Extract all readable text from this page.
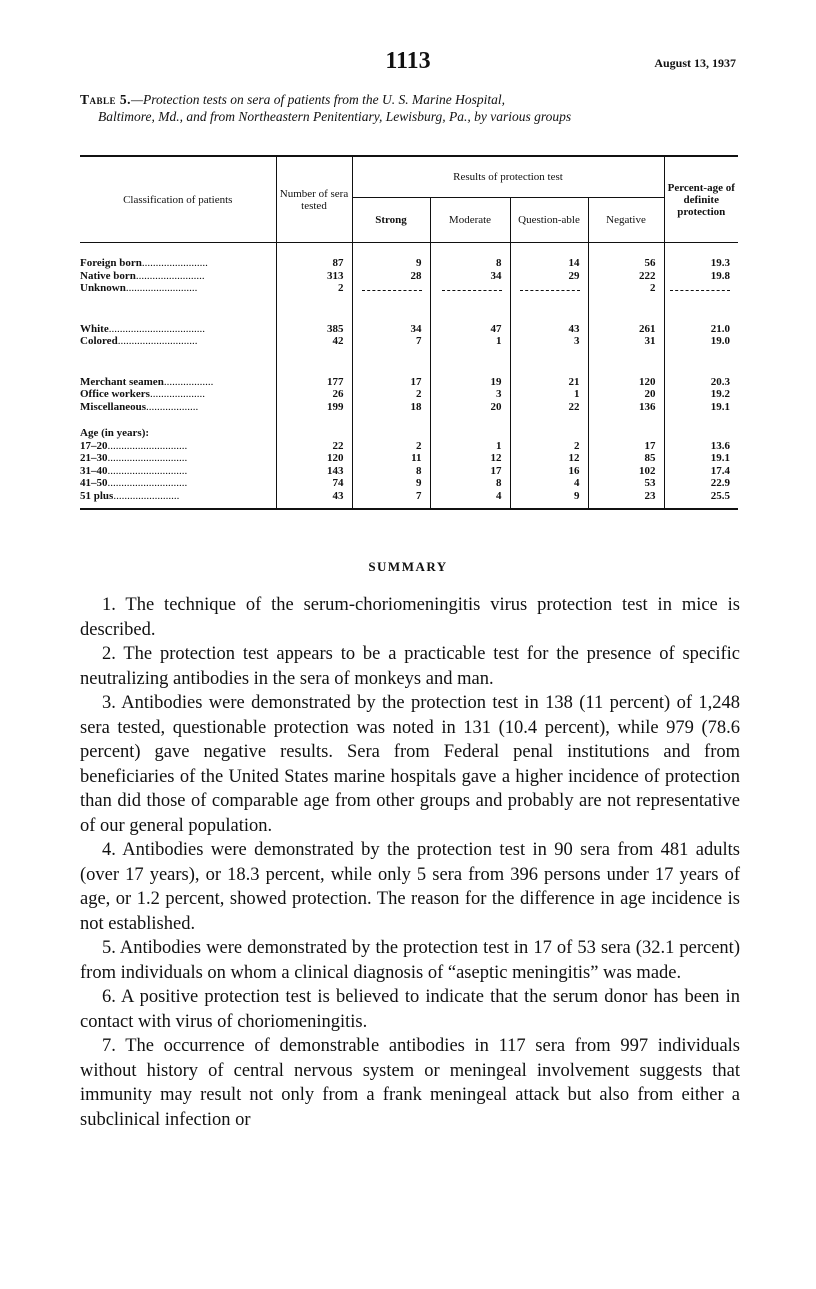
1113	August 13, 1937
Table 5.—Protection tests on sera of patients from the U. S. Marine Hospital,
Baltimore, Md., and from Northeastern Penitentiary, Lewisburg, Pa., by various groups
Classification of patients	Number of sera tested	Results of protection test				Percent-age of definite protection
		Strong	Moderate	Question-able	Negative	

Foreign born........................	87	9	8	14	56	19.3
Native born.........................	313	28	34	29	222	19.8
Unknown..........................	2				2	

White...................................	385	34	47	43	261	21.0
Colored.............................	42	7	1	3	31	19.0

Merchant seamen..................	177	17	19	21	120	20.3
Office workers....................	26	2	3	1	20	19.2
Miscellaneous...................	199	18	20	22	136	19.1

Age (in years):						
17–20.............................	22	2	1	2	17	13.6
21–30.............................	120	11	12	12	85	19.1
31–40.............................	143	8	17	16	102	17.4
41–50.............................	74	9	8	4	53	22.9
51 plus........................	43	7	4	9	23	25.5

SUMMARY

1. The technique of the serum-choriomeningitis virus protection test in mice is described.

2. The protection test appears to be a practicable test for the presence of specific neutralizing antibodies in the sera of monkeys and man.

3. Antibodies were demonstrated by the protection test in 138 (11 percent) of 1,248 sera tested, questionable protection was noted in 131 (10.4 percent), while 979 (78.6 percent) gave negative results. Sera from Federal penal institutions and from beneficiaries of the United States marine hospitals gave a higher incidence of protection than did those of comparable age from other groups and probably are not representative of our general population.

4. Antibodies were demonstrated by the protection test in 90 sera from 481 adults (over 17 years), or 18.3 percent, while only 5 sera from 396 persons under 17 years of age, or 1.2 percent, showed protection. The reason for the difference in age incidence is not established.

5. Antibodies were demonstrated by the protection test in 17 of 53 sera (32.1 percent) from individuals on whom a clinical diagnosis of “aseptic meningitis” was made.

6. A positive protection test is believed to indicate that the serum donor has been in contact with virus of choriomeningitis.

7. The occurrence of demonstrable antibodies in 117 sera from 997 individuals without history of central nervous system or meningeal involvement suggests that immunity may result not only from a frank meningeal attack but also from either a subclinical infection or
